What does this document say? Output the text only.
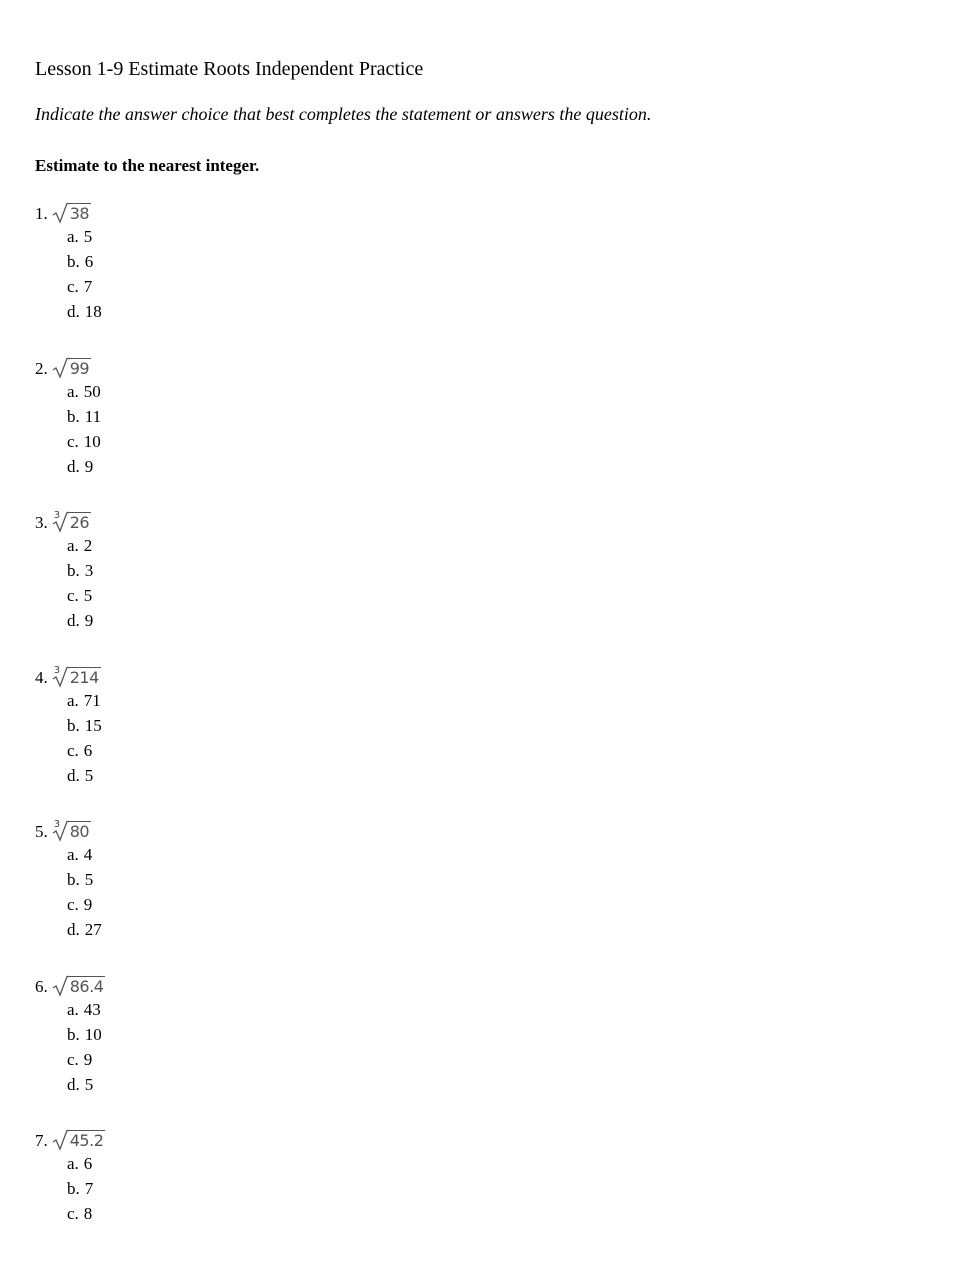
Lesson 1-9 Estimate Roots Independent Practice
Indicate the answer choice that best completes the statement or answers the question.
Estimate to the nearest integer.
1.	38
a. 5
b. 6
c. 7
d. 18
2.	99
a. 50
b. 11
c. 10
d. 9
3. 3 26
a. 2
b. 3
c. 5
d. 9
4. 3 214
a. 71
b. 15
c. 6
d. 5
5. 3 80
a. 4
b. 5
c. 9
d. 27
6.	86.4
a. 43
b. 10
c. 9
d. 5
7.	45.2
a. 6
b. 7
c. 8
